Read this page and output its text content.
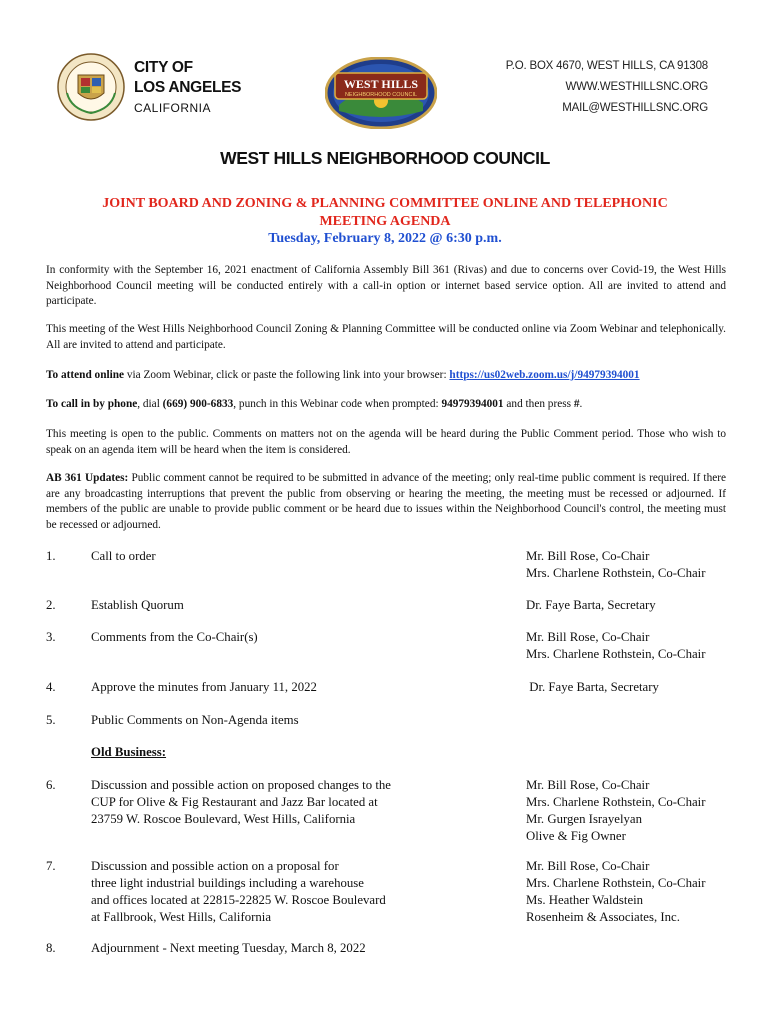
CITY OF
LOS ANGELES
CALIFORNIA
WEST HILLS
NEIGHBORHOOD COUNCIL
P.O. BOX 4670, WEST HILLS, CA 91308
WWW.WESTHILLSNC.ORG
MAIL@WESTHILLSNC.ORG
WEST HILLS NEIGHBORHOOD COUNCIL
JOINT BOARD AND ZONING & PLANNING COMMITTEE ONLINE AND TELEPHONIC
MEETING AGENDA
Tuesday, February 8, 2022 @ 6:30 p.m.
In conformity with the September 16, 2021 enactment of California Assembly Bill 361 (Rivas) and due to concerns over Covid-19, the West Hills Neighborhood Council meeting will be conducted entirely with a call-in option or internet based service option. All are invited to attend and participate.
This meeting of the West Hills Neighborhood Council Zoning & Planning Committee will be conducted online via Zoom Webinar and telephonically. All are invited to attend and participate.
To attend online via Zoom Webinar, click or paste the following link into your browser: https://us02web.zoom.us/j/94979394001
To call in by phone, dial (669) 900-6833, punch in this Webinar code when prompted: 94979394001 and then press #.
This meeting is open to the public. Comments on matters not on the agenda will be heard during the Public Comment period. Those who wish to speak on an agenda item will be heard when the item is considered.
AB 361 Updates: Public comment cannot be required to be submitted in advance of the meeting; only real-time public comment is required. If there are any broadcasting interruptions that prevent the public from observing or hearing the meeting, the meeting must be recessed or adjourned. If members of the public are unable to provide public comment or be heard due to issues within the Neighborhood Council's control, the meeting must be recessed or adjourned.
1.	Call to order	Mr. Bill Rose, Co-Chair
Mrs. Charlene Rothstein, Co-Chair
2.	Establish Quorum	Dr. Faye Barta, Secretary
3.	Comments from the Co-Chair(s)	Mr. Bill Rose, Co-Chair
Mrs. Charlene Rothstein, Co-Chair
4.	Approve the minutes from January 11, 2022	Dr. Faye Barta, Secretary
5.	Public Comments on Non-Agenda items
Old Business:
6.	Discussion and possible action on proposed changes to the
CUP for Olive & Fig Restaurant and Jazz Bar located at
23759 W. Roscoe Boulevard, West Hills, California
Mr. Bill Rose, Co-Chair
Mrs. Charlene Rothstein, Co-Chair
Mr. Gurgen Israyelyan
Olive & Fig Owner
7.	Discussion and possible action on a proposal for
three light industrial buildings including a warehouse
and offices located at 22815-22825 W. Roscoe Boulevard
at Fallbrook, West Hills, California
Mr. Bill Rose, Co-Chair
Mrs. Charlene Rothstein, Co-Chair
Ms. Heather Waldstein
Rosenheim & Associates, Inc.
8.	Adjournment - Next meeting Tuesday, March 8, 2022
